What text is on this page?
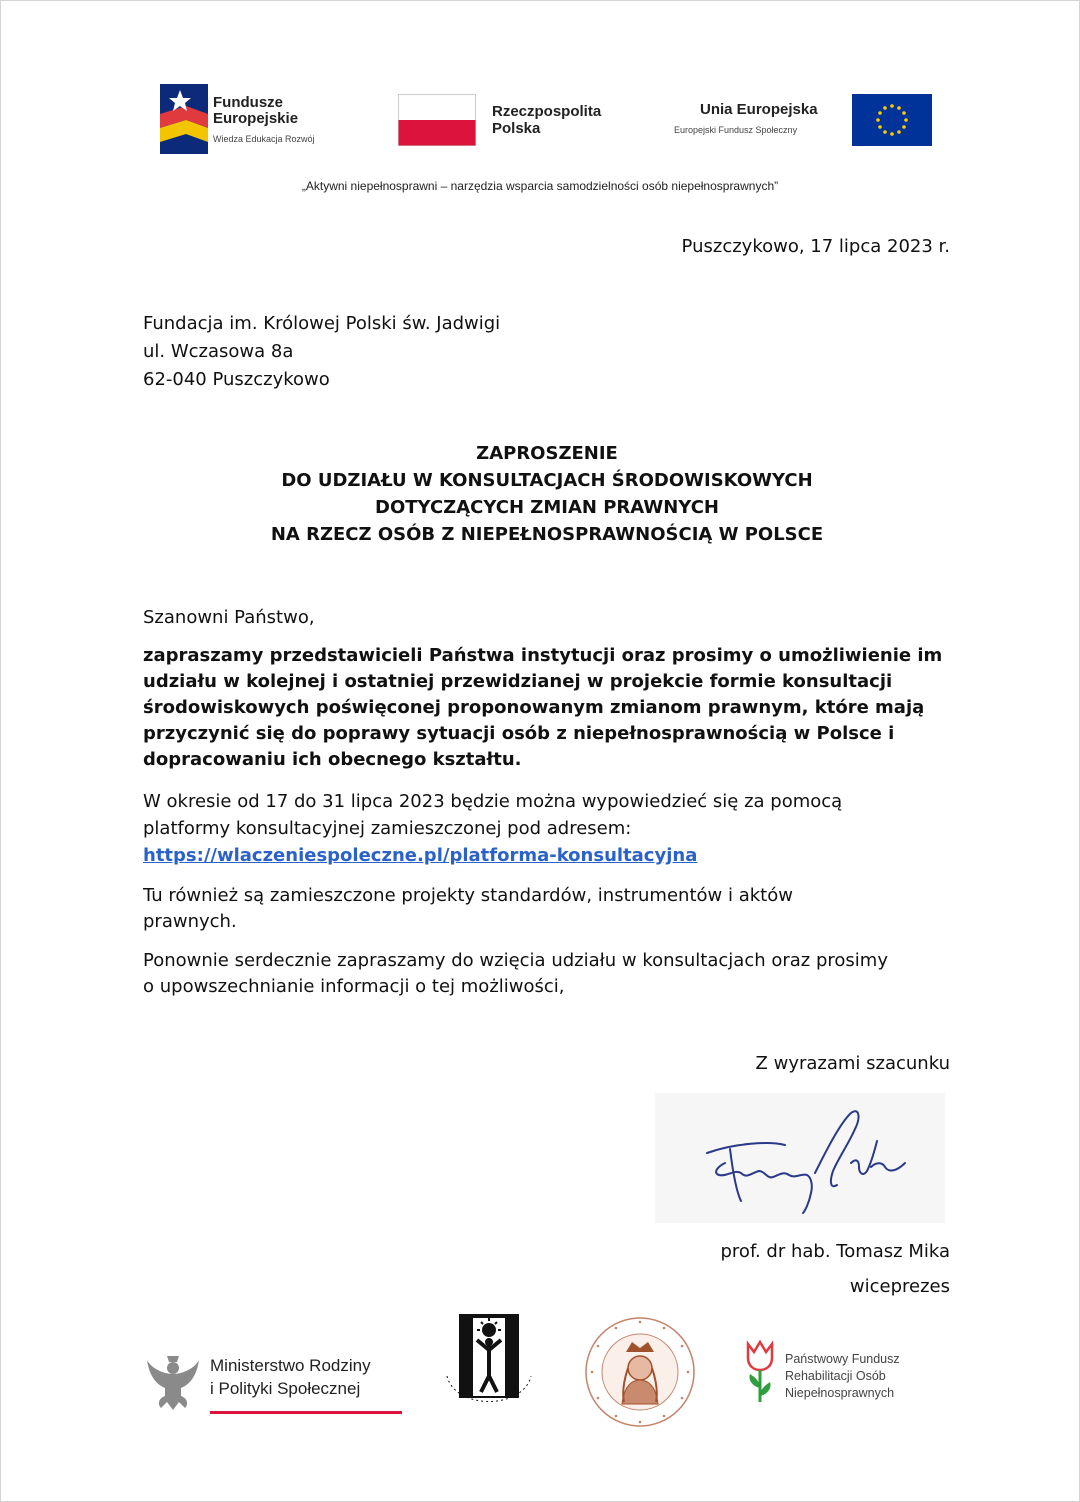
Fundusze
Europejskie
Wiedza Edukacja Rozwój
Rzeczpospolita
Polska
Unia Europejska
Europejski Fundusz Społeczny
„Aktywni niepełnosprawni – narzędzia wsparcia samodzielności osób niepełnosprawnych”
Puszczykowo, 17 lipca 2023 r.
Fundacja im. Królowej Polski św. Jadwigi
ul. Wczasowa 8a
62-040 Puszczykowo
ZAPROSZENIE
DO UDZIAŁU W KONSULTACJACH ŚRODOWISKOWYCH
DOTYCZĄCYCH ZMIAN PRAWNYCH
NA RZECZ OSÓB Z NIEPEŁNOSPRAWNOŚCIĄ W POLSCE
Szanowni Państwo,
zapraszamy przedstawicieli Państwa instytucji oraz prosimy o umożliwienie im udziału w kolejnej i ostatniej przewidzianej w projekcie formie konsultacji środowiskowych poświęconej proponowanym zmianom prawnym, które mają przyczynić się do poprawy sytuacji osób z niepełnosprawnością w Polsce i dopracowaniu ich obecnego kształtu.
W okresie od 17 do 31 lipca 2023 będzie można wypowiedzieć się za pomocą
platformy konsultacyjnej zamieszczonej pod adresem:
https://wlaczeniespoleczne.pl/platforma-konsultacyjna
Tu również są zamieszczone projekty standardów, instrumentów i aktów prawnych.
Ponownie serdecznie zapraszamy do wzięcia udziału w konsultacjach oraz prosimy o upowszechnianie informacji o tej możliwości,
Z wyrazami szacunku
prof. dr hab. Tomasz Mika
wiceprezes
Ministerstwo Rodziny
i Polityki Społecznej
Państwowy Fundusz
Rehabilitacji Osób
Niepełnosprawnych
